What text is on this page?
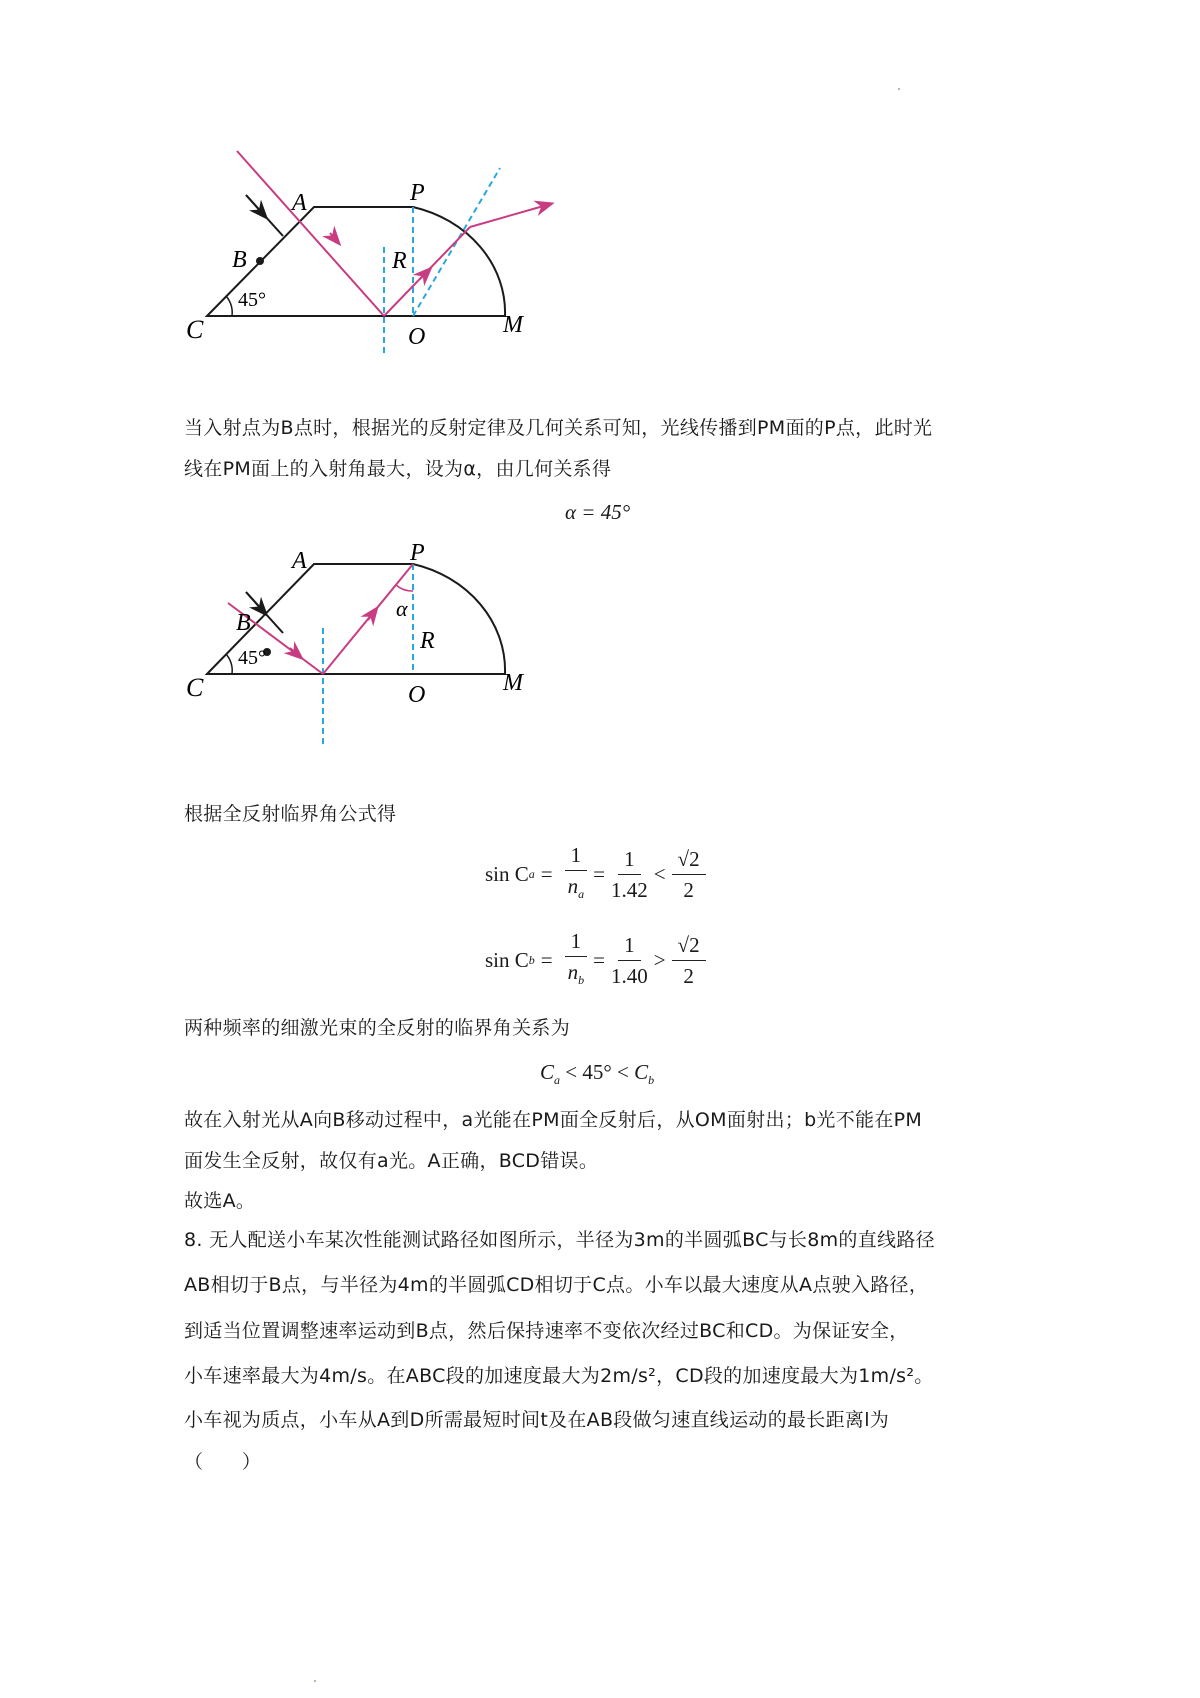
A	P
B	R
45°
C	O	M
当入射点为B点时，根据光的反射定律及几何关系可知，光线传播到PM面的P点，此时光
线在PM面上的入射角最大，设为α，由几何关系得
α = 45°
A	P
B
α
R
45°
C	O	M
根据全反射临界角公式得
sin C $a = \frac{1}{n_a} = \frac{1}{1.42} < \frac{√2}{2}$
sin C $b = \frac{1}{n_b} = \frac{1}{1.40} > \frac{√2}{2}$
两种频率的细激光束的全反射的临界角关系为
$C_a < 45^\circ < C_b$
故在入射光从A向B移动过程中，a光能在PM面全反射后，从OM面射出；b光不能在PM
面发生全反射，故仅有a光。A正确，BCD错误。
故选A。
8. 无人配送小车某次性能测试路径如图所示，半径为3m的半圆弧BC与长8m的直线路径
AB相切于B点，与半径为4m的半圆弧CD相切于C点。小车以最大速度从A点驶入路径，
到适当位置调整速率运动到B点，然后保持速率不变依次经过BC和CD。为保证安全，
小车速率最大为4m/s。在ABC段的加速度最大为2m/s²，CD段的加速度最大为1m/s²。
小车视为质点，小车从A到D所需最短时间t及在AB段做匀速直线运动的最长距离l为
（　　）
